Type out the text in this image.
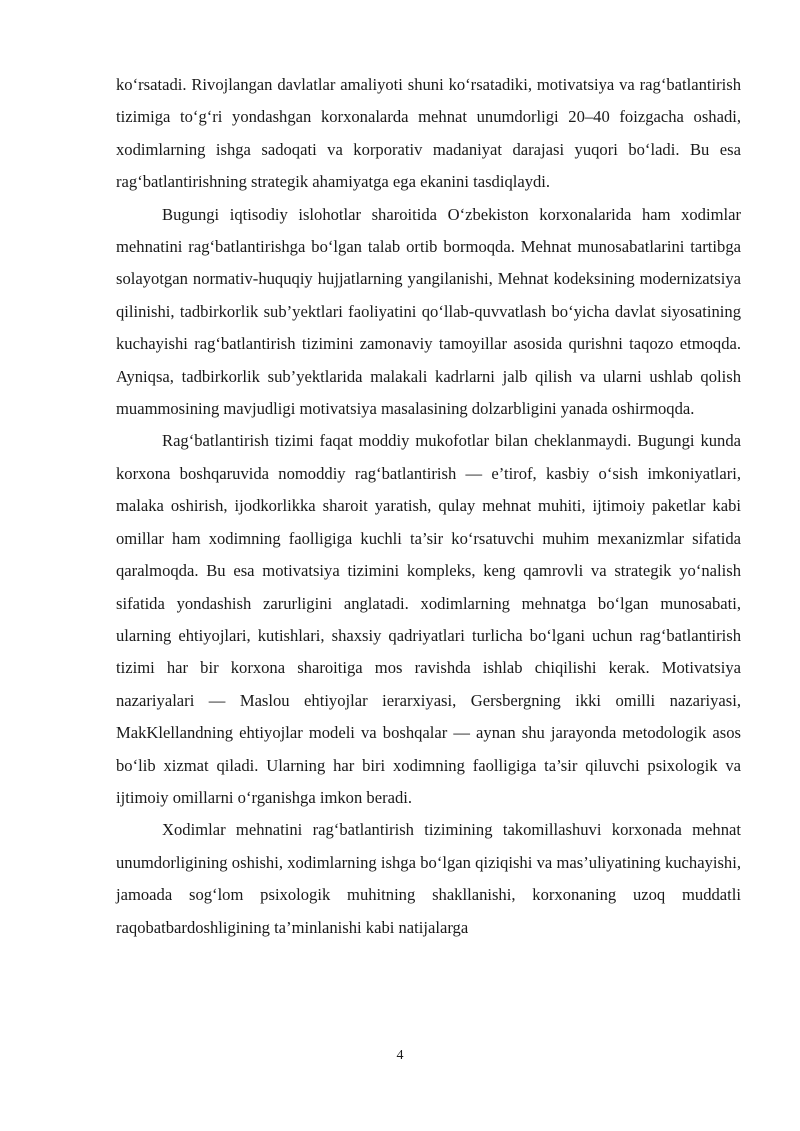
ko‘rsatadi. Rivojlangan davlatlar amaliyoti shuni ko‘rsatadiki, motivatsiya va rag‘batlantirish tizimiga to‘g‘ri yondashgan korxonalarda mehnat unumdorligi 20–40 foizgacha oshadi, xodimlarning ishga sadoqati va korporativ madaniyat darajasi yuqori bo‘ladi. Bu esa rag‘batlantirishning strategik ahamiyatga ega ekanini tasdiqlaydi.

Bugungi iqtisodiy islohotlar sharoitida O‘zbekiston korxonalarida ham xodimlar mehnatini rag‘batlantirishga bo‘lgan talab ortib bormoqda. Mehnat munosabatlarini tartibga solayotgan normativ-huquqiy hujjatlarning yangilanishi, Mehnat kodeksining modernizatsiya qilinishi, tadbirkorlik sub’yektlari faoliyatini qo‘llab-quvvatlash bo‘yicha davlat siyosatining kuchayishi rag‘batlantirish tizimini zamonaviy tamoyillar asosida qurishni taqozo etmoqda. Ayniqsa, tadbirkorlik sub’yektlarida malakali kadrlarni jalb qilish va ularni ushlab qolish muammosining mavjudligi motivatsiya masalasining dolzarbligini yanada oshirmoqda.

Rag‘batlantirish tizimi faqat moddiy mukofotlar bilan cheklanmaydi. Bugungi kunda korxona boshqaruvida nomoddiy rag‘batlantirish — e’tirof, kasbiy o‘sish imkoniyatlari, malaka oshirish, ijodkorlikka sharoit yaratish, qulay mehnat muhiti, ijtimoiy paketlar kabi omillar ham xodimning faolligiga kuchli ta’sir ko‘rsatuvchi muhim mexanizmlar sifatida qaralmoqda. Bu esa motivatsiya tizimini kompleks, keng qamrovli va strategik yo‘nalish sifatida yondashish zarurligini anglatadi. xodimlarning mehnatga bo‘lgan munosabati, ularning ehtiyojlari, kutishlari, shaxsiy qadriyatlari turlicha bo‘lgani uchun rag‘batlantirish tizimi har bir korxona sharoitiga mos ravishda ishlab chiqilishi kerak. Motivatsiya nazariyalari — Maslou ehtiyojlar ierarxiyasi, Gersbergning ikki omilli nazariyasi, MakKlellandning ehtiyojlar modeli va boshqalar — aynan shu jarayonda metodologik asos bo‘lib xizmat qiladi. Ularning har biri xodimning faolligiga ta’sir qiluvchi psixologik va ijtimoiy omillarni o‘rganishga imkon beradi.

Xodimlar mehnatini rag‘batlantirish tizimining takomillashuvi korxonada mehnat unumdorligining oshishi, xodimlarning ishga bo‘lgan qiziqishi va mas’uliyatining kuchayishi, jamoada sog‘lom psixologik muhitning shakllanishi, korxonaning uzoq muddatli raqobatbardoshligining ta’minlanishi kabi natijalarga

4
